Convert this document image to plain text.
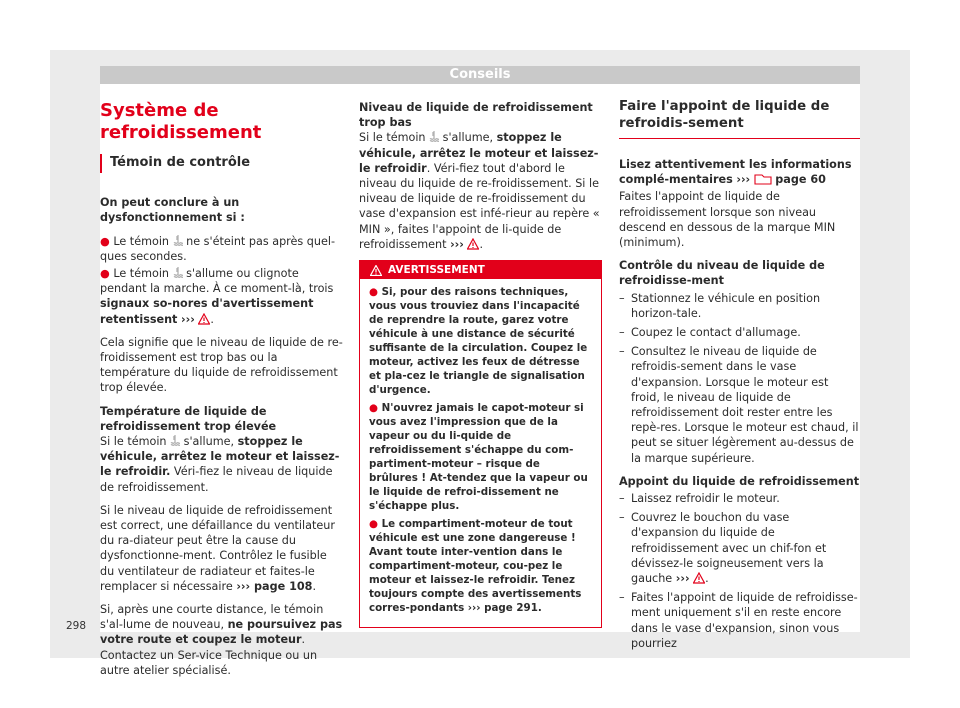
Conseils
Système de refroidissement
Témoin de contrôle

On peut conclure à un dysfonctionnement si :

● Le témoin ne s'éteint pas après quel-ques secondes.

● Le témoin s'allume ou clignote pendant la marche. À ce moment-là, trois signaux so-nores d'avertissement retentissent ››› .

Cela signifie que le niveau de liquide de re-froidissement est trop bas ou la température du liquide de refroidissement trop élevée.

Température de liquide de refroidissement trop élevée

Si le témoin s'allume, stoppez le véhicule, arrêtez le moteur et laissez-le refroidir. Véri-fiez le niveau de liquide de refroidissement.

Si le niveau de liquide de refroidissement est correct, une défaillance du ventilateur du ra-diateur peut être la cause du dysfonctionne-ment. Contrôlez le fusible du ventilateur de radiateur et faites-le remplacer si nécessaire ››› page 108.

Si, après une courte distance, le témoin s'al-lume de nouveau, ne poursuivez pas votre route et coupez le moteur. Contactez un Ser-vice Technique ou un autre atelier spécialisé.

Niveau de liquide de refroidissement trop bas

Si le témoin s'allume, stoppez le véhicule, arrêtez le moteur et laissez-le refroidir. Véri-fiez tout d'abord le niveau du liquide de re-froidissement. Si le niveau de liquide de re-froidissement du vase d'expansion est infé-rieur au repère « MIN », faites l'appoint de li-quide de refroidissement ››› .

AVERTISSEMENT

● Si, pour des raisons techniques, vous vous trouviez dans l'incapacité de reprendre la route, garez votre véhicule à une distance de sécurité suffisante de la circulation. Coupez le moteur, activez les feux de détresse et pla-cez le triangle de signalisation d'urgence.

● N'ouvrez jamais le capot-moteur si vous avez l'impression que de la vapeur ou du li-quide de refroidissement s'échappe du com-partiment-moteur – risque de brûlures ! At-tendez que la vapeur ou le liquide de refroi-dissement ne s'échappe plus.

● Le compartiment-moteur de tout véhicule est une zone dangereuse ! Avant toute inter-vention dans le compartiment-moteur, cou-pez le moteur et laissez-le refroidir. Tenez toujours compte des avertissements corres-pondants ››› page 291.

Faire l'appoint de liquide de refroidis-sement

Lisez attentivement les informations complé-mentaires ››› page 60

Faites l'appoint de liquide de refroidissement lorsque son niveau descend en dessous de la marque MIN (minimum).

Contrôle du niveau de liquide de refroidisse-ment

– Stationnez le véhicule en position horizon-tale.
– Coupez le contact d'allumage.
– Consultez le niveau de liquide de refroidis-sement dans le vase d'expansion. Lorsque le moteur est froid, le niveau de liquide de refroidissement doit rester entre les repè-res. Lorsque le moteur est chaud, il peut se situer légèrement au-dessus de la marque supérieure.

Appoint du liquide de refroidissement

– Laissez refroidir le moteur.
– Couvrez le bouchon du vase d'expansion du liquide de refroidissement avec un chif-fon et dévissez-le soigneusement vers la gauche ››› .
– Faites l'appoint de liquide de refroidisse-ment uniquement s'il en reste encore dans le vase d'expansion, sinon vous pourriez
298
